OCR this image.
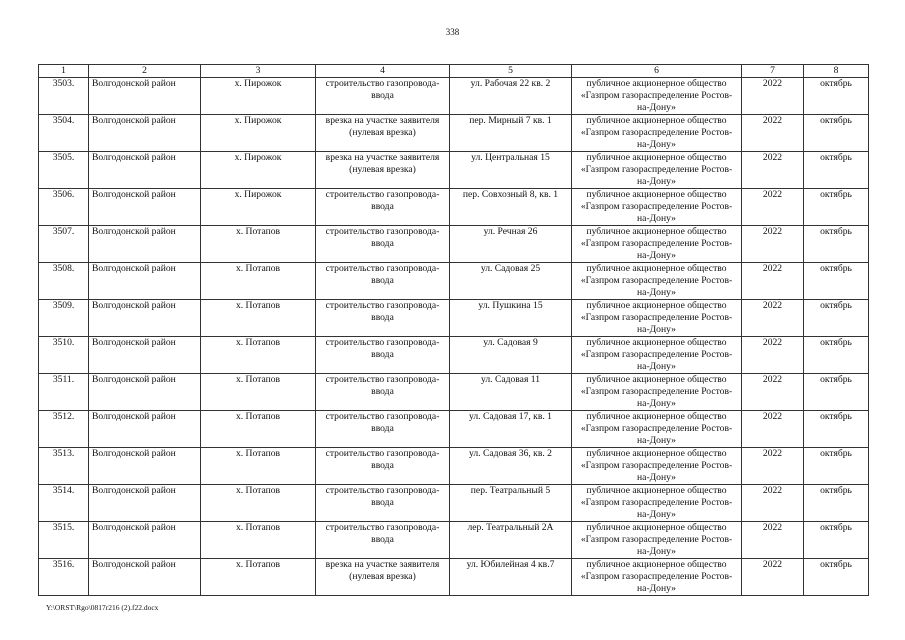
338
1	2	3	4	5	6	7	8
3503.	Волгодонской район	х. Пирожок	строительство газопровода-ввода	ул. Рабочая 22 кв. 2	публичное акционерное общество «Газпром газораспределение Ростов-на-Дону»	2022	октябрь
3504.	Волгодонской район	х. Пирожок	врезка на участке заявителя (нулевая врезка)	пер. Мирный 7 кв. 1	публичное акционерное общество «Газпром газораспределение Ростов-на-Дону»	2022	октябрь
3505.	Волгодонской район	х. Пирожок	врезка на участке заявителя (нулевая врезка)	ул. Центральная 15	публичное акционерное общество «Газпром газораспределение Ростов-на-Дону»	2022	октябрь
3506.	Волгодонской район	х. Пирожок	строительство газопровода-ввода	пер. Совхозный 8, кв. 1	публичное акционерное общество «Газпром газораспределение Ростов-на-Дону»	2022	октябрь
3507.	Волгодонской район	х. Потапов	строительство газопровода-ввода	ул. Речная 26	публичное акционерное общество «Газпром газораспределение Ростов-на-Дону»	2022	октябрь
3508.	Волгодонской район	х. Потапов	строительство газопровода-ввода	ул. Садовая 25	публичное акционерное общество «Газпром газораспределение Ростов-на-Дону»	2022	октябрь
3509.	Волгодонской район	х. Потапов	строительство газопровода-ввода	ул. Пушкина 15	публичное акционерное общество «Газпром газораспределение Ростов-на-Дону»	2022	октябрь
3510.	Волгодонской район	х. Потапов	строительство газопровода-ввода	ул. Садовая 9	публичное акционерное общество «Газпром газораспределение Ростов-на-Дону»	2022	октябрь
3511.	Волгодонской район	х. Потапов	строительство газопровода-ввода	ул. Садовая 11	публичное акционерное общество «Газпром газораспределение Ростов-на-Дону»	2022	октябрь
3512.	Волгодонской район	х. Потапов	строительство газопровода-ввода	ул. Садовая 17, кв. 1	публичное акционерное общество «Газпром газораспределение Ростов-на-Дону»	2022	октябрь
3513.	Волгодонской район	х. Потапов	строительство газопровода-ввода	ул. Садовая 36, кв. 2	публичное акционерное общество «Газпром газораспределение Ростов-на-Дону»	2022	октябрь
3514.	Волгодонской район	х. Потапов	строительство газопровода-ввода	пер. Театральный 5	публичное акционерное общество «Газпром газораспределение Ростов-на-Дону»	2022	октябрь
3515.	Волгодонской район	х. Потапов	строительство газопровода-ввода	лер. Театральный 2А	публичное акционерное общество «Газпром газораспределение Ростов-на-Дону»	2022	октябрь
3516.	Волгодонской район	х. Потапов	врезка на участке заявителя (нулевая врезка)	ул. Юбилейная 4 кв.7	публичное акционерное общество «Газпром газораспределение Ростов-на-Дону»	2022	октябрь
Y:\ORST\Rgo\0817r216 (2).f22.docx
